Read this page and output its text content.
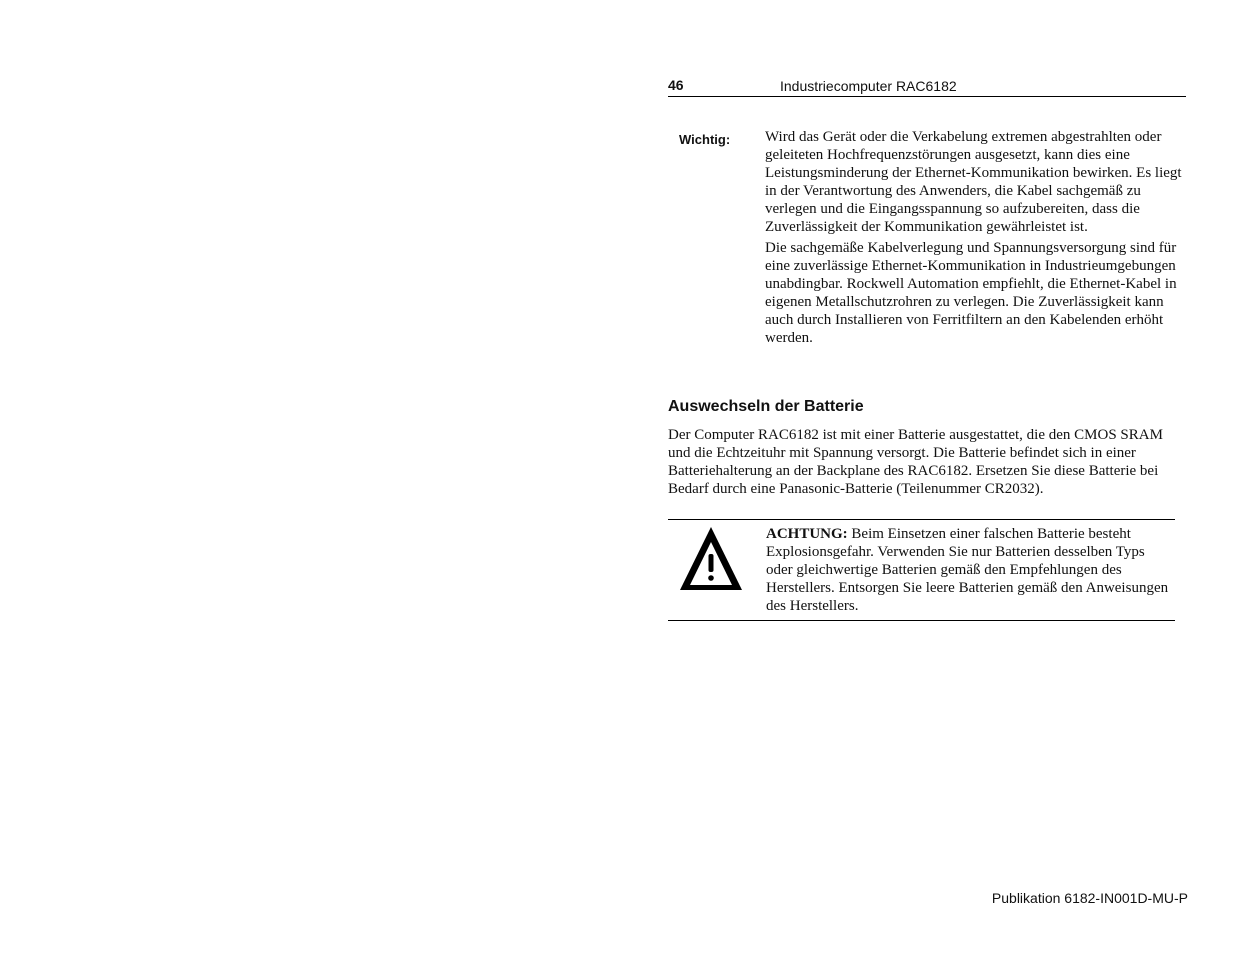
46	Industriecomputer RAC6182
Wichtig: Wird das Gerät oder die Verkabelung extremen abgestrahlten oder geleiteten Hochfrequenzstörungen ausgesetzt, kann dies eine Leistungsminderung der Ethernet-Kommunikation bewirken. Es liegt in der Verantwortung des Anwenders, die Kabel sachgemäß zu verlegen und die Eingangsspannung so aufzubereiten, dass die Zuverlässigkeit der Kommunikation gewährleistet ist.

Die sachgemäße Kabelverlegung und Spannungsversorgung sind für eine zuverlässige Ethernet-Kommunikation in Industrieumgebungen unabdingbar. Rockwell Automation empfiehlt, die Ethernet-Kabel in eigenen Metallschutzrohren zu verlegen. Die Zuverlässigkeit kann auch durch Installieren von Ferritfiltern an den Kabelenden erhöht werden.

Auswechseln der Batterie

Der Computer RAC6182 ist mit einer Batterie ausgestattet, die den CMOS SRAM und die Echtzeituhr mit Spannung versorgt. Die Batterie befindet sich in einer Batteriehalterung an der Backplane des RAC6182. Ersetzen Sie diese Batterie bei Bedarf durch eine Panasonic-Batterie (Teilenummer CR2032).

ACHTUNG: Beim Einsetzen einer falschen Batterie besteht Explosionsgefahr. Verwenden Sie nur Batterien desselben Typs oder gleichwertige Batterien gemäß den Empfehlungen des Herstellers. Entsorgen Sie leere Batterien gemäß den Anweisungen des Herstellers.

Publikation 6182-IN001D-MU-P
